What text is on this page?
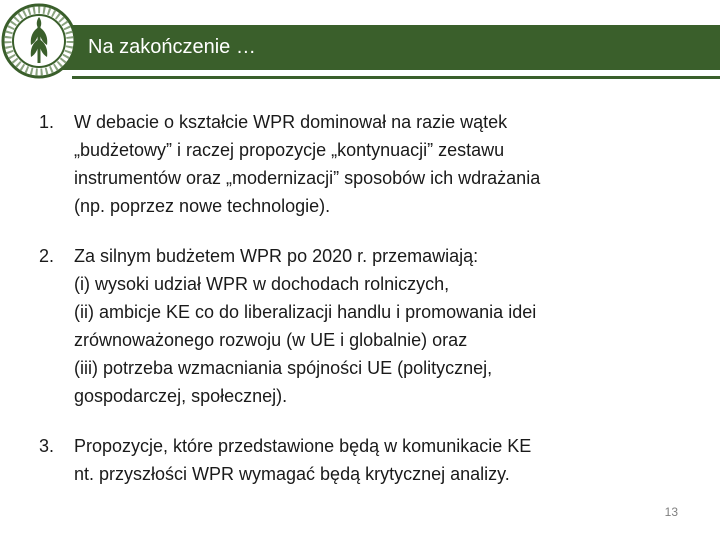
Na zakończenie …
1. W debacie o kształcie WPR dominował na razie wątek
„budżetowy” i raczej propozycje „kontynuacji” zestawu
instrumentów oraz „modernizacji” sposobów ich wdrażania
(np. poprzez nowe technologie).
2. Za silnym budżetem WPR po 2020 r. przemawiają:
(i) wysoki udział WPR w dochodach rolniczych,
(ii) ambicje KE co do liberalizacji handlu i promowania idei
zrównoważonego rozwoju (w UE i globalnie) oraz
(iii) potrzeba wzmacniania spójności UE (politycznej,
gospodarczej, społecznej).
3. Propozycje, które przedstawione będą w komunikacie KE
nt. przyszłości WPR wymagać będą krytycznej analizy.
13
